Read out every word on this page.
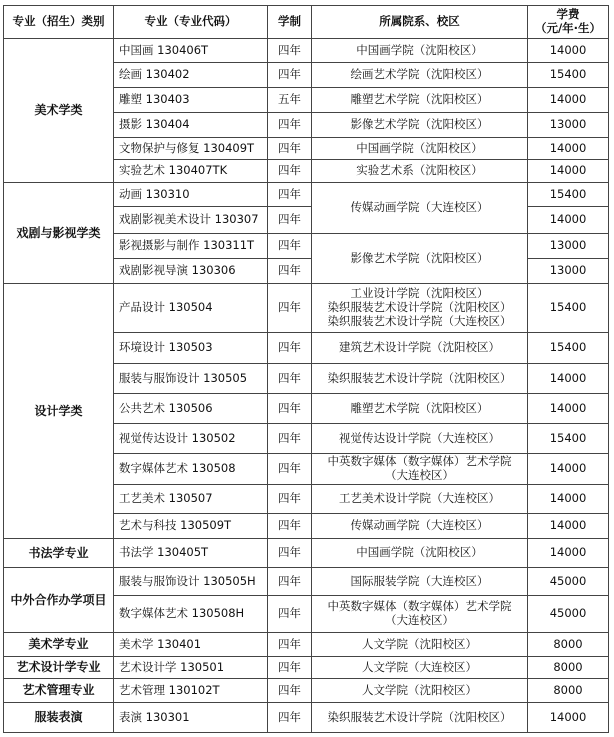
专业（招生）类别	专业（专业代码）	学制	所属院系、校区	学费
（元/年·生）
美术学类	中国画 130406T	四年	中国画学院（沈阳校区）	14000
	绘画 130402	四年	绘画艺术学院（沈阳校区）	15400
	雕塑 130403	五年	雕塑艺术学院（沈阳校区）	14000
	摄影 130404	四年	影像艺术学院（沈阳校区）	13000
	文物保护与修复 130409T	四年	中国画学院（沈阳校区）	14000
	实验艺术 130407TK	四年	实验艺术系（沈阳校区）	14000
戏剧与影视学类	动画 130310	四年	传媒动画学院（大连校区）	15400
	戏剧影视美术设计 130307	四年		14000
	影视摄影与制作 130311T	四年	影像艺术学院（沈阳校区）	13000
	戏剧影视导演 130306	四年		13000
设计学类	产品设计 130504	四年	工业设计学院（沈阳校区）
染织服装艺术设计学院（沈阳校区）
染织服装艺术设计学院（大连校区）	15400
	环境设计 130503	四年	建筑艺术设计学院（沈阳校区）	15400
	服装与服饰设计 130505	四年	染织服装艺术设计学院（沈阳校区）	14000
	公共艺术 130506	四年	雕塑艺术学院（沈阳校区）	14000
	视觉传达设计 130502	四年	视觉传达设计学院（大连校区）	15400
	数字媒体艺术 130508	四年	中英数字媒体（数字媒体）艺术学院
（大连校区）	14000
	工艺美术 130507	四年	工艺美术设计学院（大连校区）	14000
	艺术与科技 130509T	四年	传媒动画学院（大连校区）	14000
书法学专业	书法学 130405T	四年	中国画学院（沈阳校区）	14000
中外合作办学项目	服装与服饰设计 130505H	四年	国际服装学院（大连校区）	45000
	数字媒体艺术 130508H	四年	中英数字媒体（数字媒体）艺术学院
（大连校区）	45000
美术学专业	美术学 130401	四年	人文学院（沈阳校区）	8000
艺术设计学专业	艺术设计学 130501	四年	人文学院（大连校区）	8000
艺术管理专业	艺术管理 130102T	四年	人文学院（沈阳校区）	8000
服装表演	表演 130301	四年	染织服装艺术设计学院（沈阳校区）	14000
